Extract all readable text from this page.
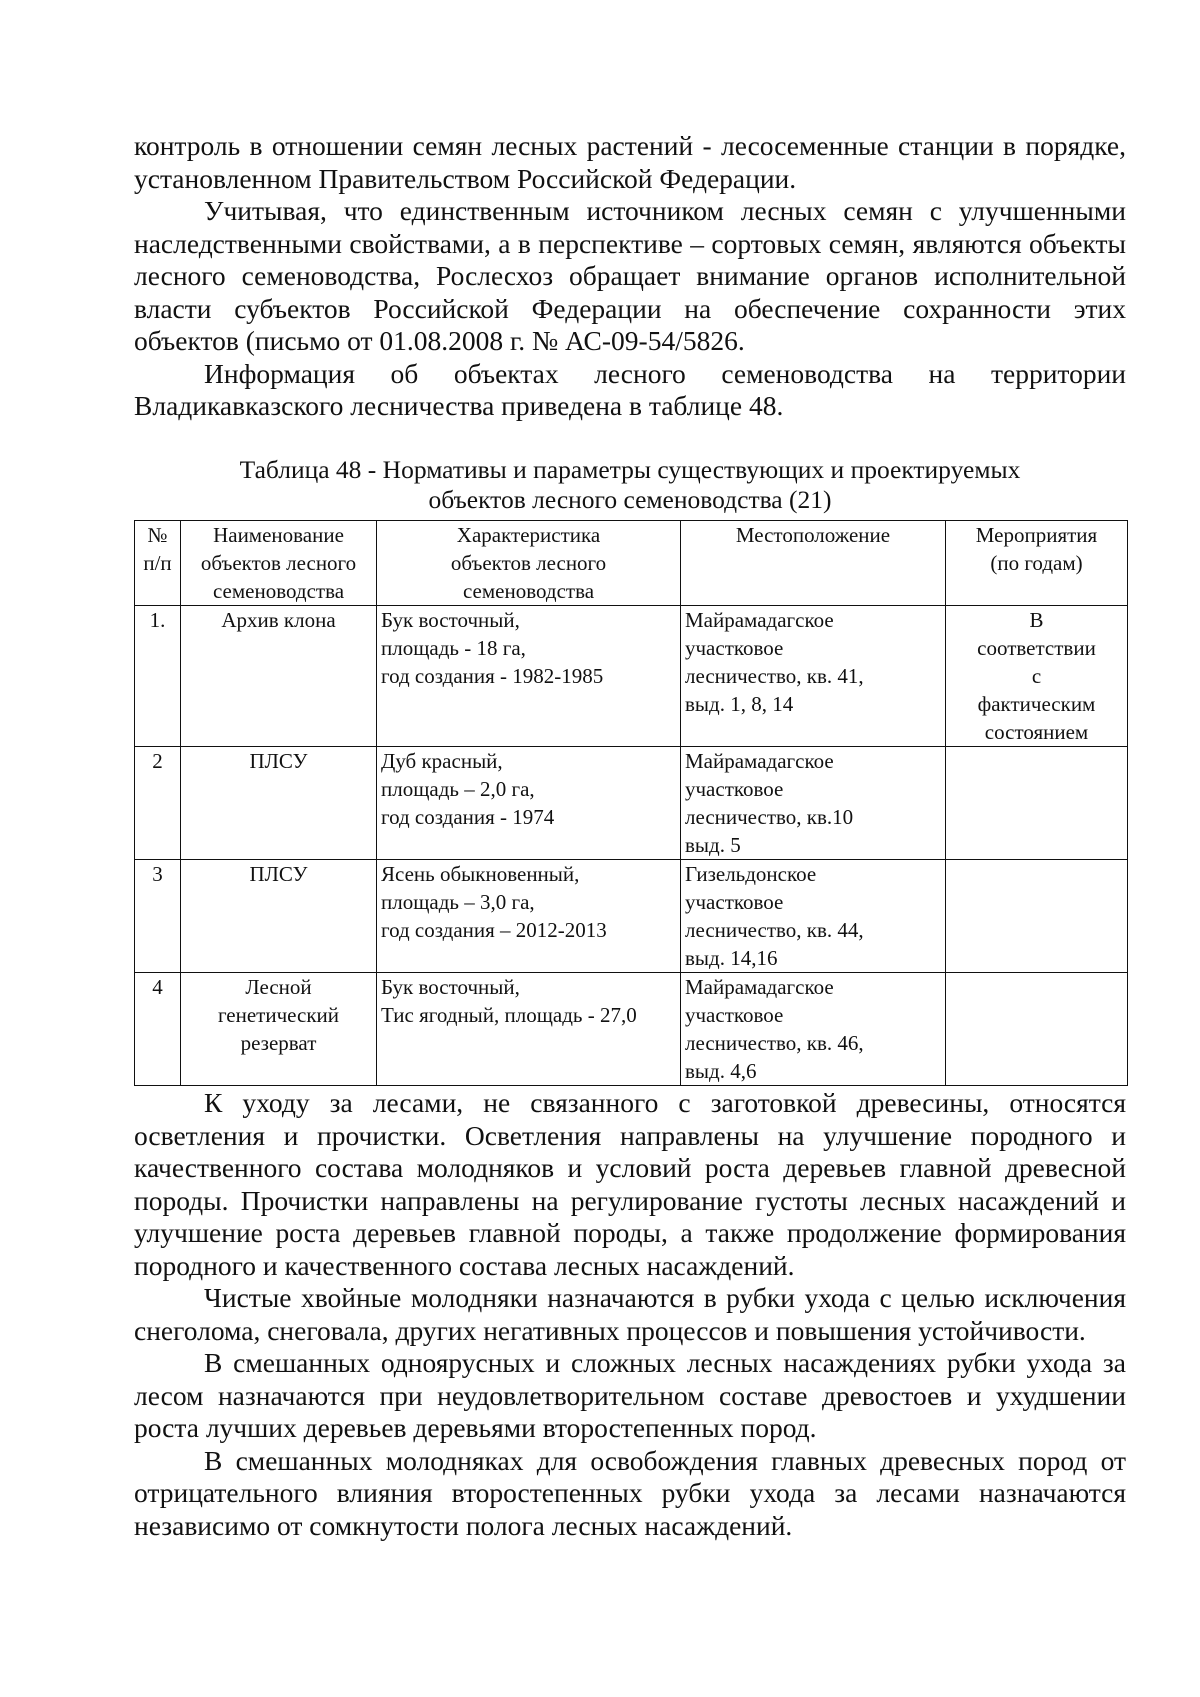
контроль в отношении семян лесных растений - лесосеменные станции в порядке, установленном Правительством Российской Федерации.

Учитывая, что единственным источником лесных семян с улучшенными наследственными свойствами, а в перспективе – сортовых семян, являются объекты лесного семеноводства, Рослесхоз обращает внимание органов исполнительной власти субъектов Российской Федерации на обеспечение сохранности этих объектов (письмо от 01.08.2008 г. № АС-09-54/5826.

Информация об объектах лесного семеноводства на территории Владикавказского лесничества приведена в таблице 48.

Таблица 48 - Нормативы и параметры существующих и проектируемых
объектов лесного семеноводства (21)
№
п/п	Наименование
объектов лесного
семеноводства	Характеристика
объектов лесного
семеноводства	Местоположение	Мероприятия
(по годам)

1.	Архив клона	Бук восточный,
площадь - 18 га,
год создания - 1982-1985	Майрамадагское
участковое
лесничество, кв. 41,
выд. 1, 8, 14	В
соответствии
с
фактическим
состоянием

2	ПЛСУ	Дуб красный,
площадь – 2,0 га,
год создания - 1974	Майрамадагское
участковое
лесничество, кв.10
выд. 5	

3	ПЛСУ	Ясень обыкновенный,
площадь – 3,0 га,
год создания – 2012-2013	Гизельдонское
участковое
лесничество, кв. 44,
выд. 14,16	

4	Лесной
генетический
резерват	Бук восточный,
Тис ягодный, площадь - 27,0	Майрамадагское
участковое
лесничество, кв. 46,
выд. 4,6	

К уходу за лесами, не связанного с заготовкой древесины, относятся осветления и прочистки. Осветления направлены на улучшение породного и качественного состава молодняков и условий роста деревьев главной древесной породы. Прочистки направлены на регулирование густоты лесных насаждений и улучшение роста деревьев главной породы, а также продолжение формирования породного и качественного состава лесных насаждений.

Чистые хвойные молодняки назначаются в рубки ухода с целью исключения снеголома, снеговала, других негативных процессов и повышения устойчивости.

В смешанных одноярусных и сложных лесных насаждениях рубки ухода за лесом назначаются при неудовлетворительном составе древостоев и ухудшении роста лучших деревьев деревьями второстепенных пород.

В смешанных молодняках для освобождения главных древесных пород от отрицательного влияния второстепенных рубки ухода за лесами назначаются независимо от сомкнутости полога лесных насаждений.
